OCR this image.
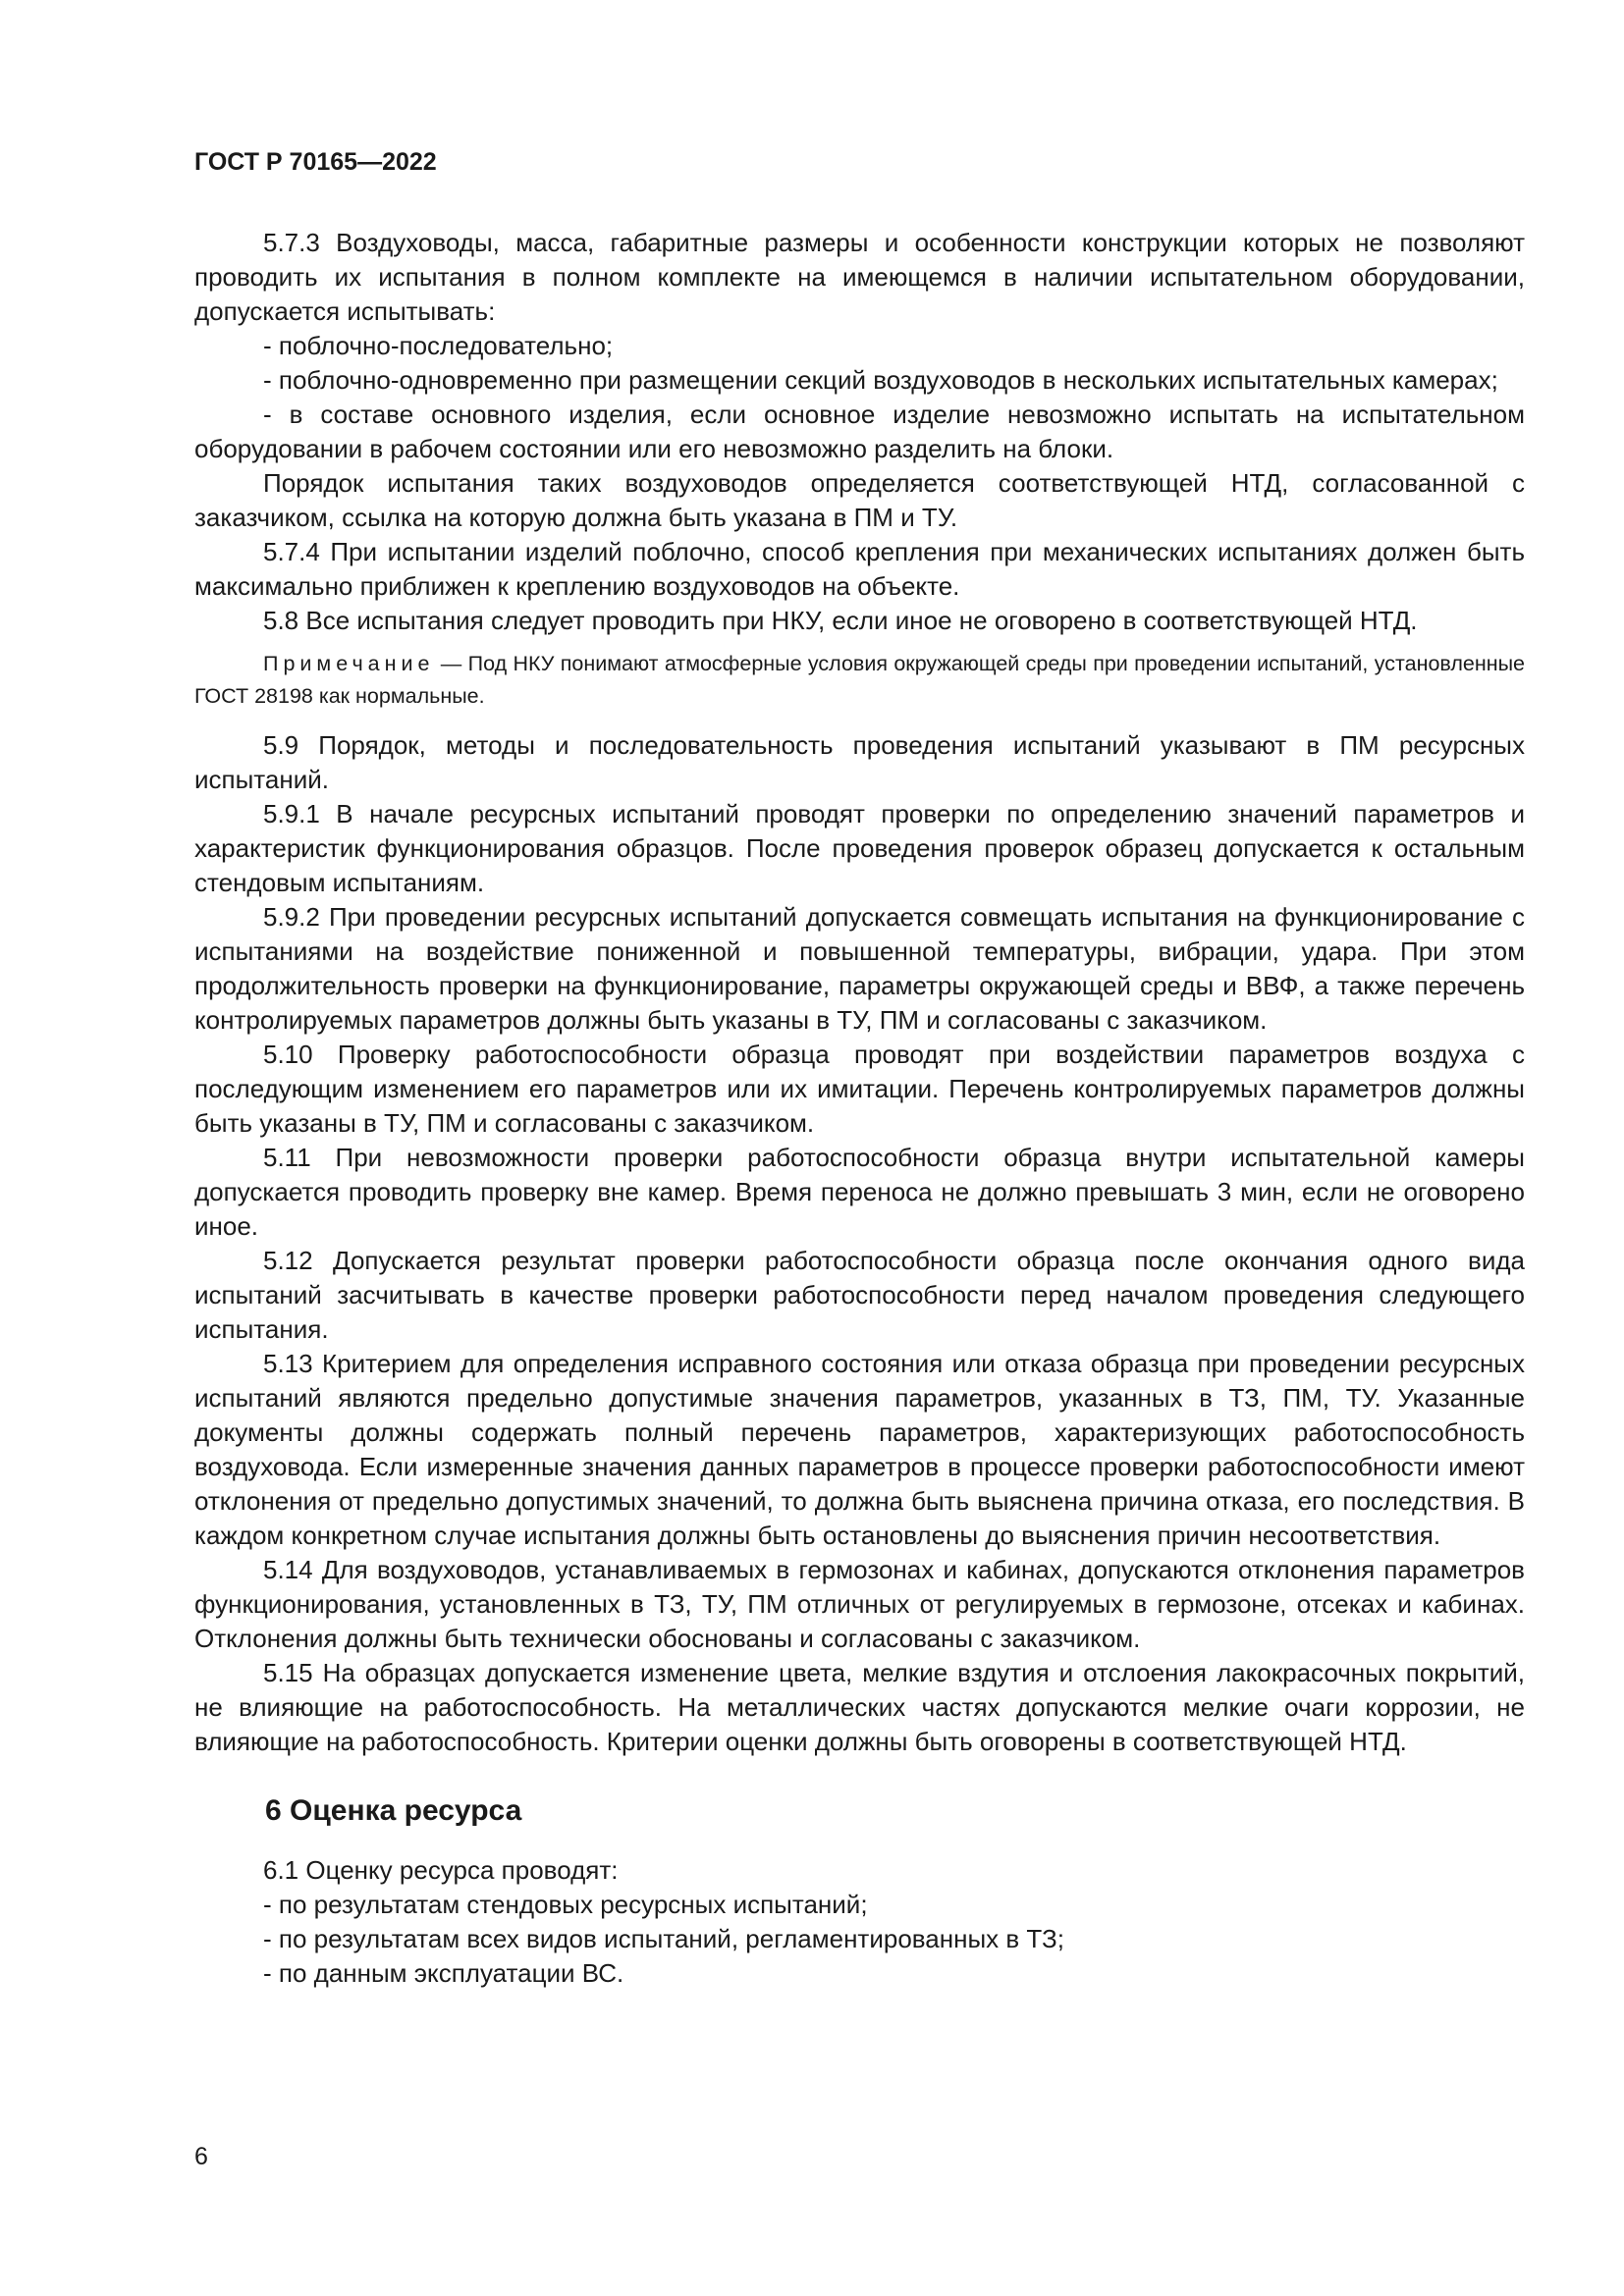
ГОСТ Р 70165—2022

5.7.3 Воздуховоды, масса, габаритные размеры и особенности конструкции которых не позволяют проводить их испытания в полном комплекте на имеющемся в наличии испытательном оборудовании, допускается испытывать:

- поблочно-последовательно;

- поблочно-одновременно при размещении секций воздуховодов в нескольких испытательных камерах;

- в составе основного изделия, если основное изделие невозможно испытать на испытательном оборудовании в рабочем состоянии или его невозможно разделить на блоки.

Порядок испытания таких воздуховодов определяется соответствующей НТД, согласованной с заказчиком, ссылка на которую должна быть указана в ПМ и ТУ.

5.7.4 При испытании изделий поблочно, способ крепления при механических испытаниях должен быть максимально приближен к креплению воздуховодов на объекте.

5.8 Все испытания следует проводить при НКУ, если иное не оговорено в соответствующей НТД.

Примечание — Под НКУ понимают атмосферные условия окружающей среды при проведении испытаний, установленные ГОСТ 28198 как нормальные.

5.9 Порядок, методы и последовательность проведения испытаний указывают в ПМ ресурсных испытаний.

5.9.1 В начале ресурсных испытаний проводят проверки по определению значений параметров и характеристик функционирования образцов. После проведения проверок образец допускается к остальным стендовым испытаниям.

5.9.2 При проведении ресурсных испытаний допускается совмещать испытания на функционирование с испытаниями на воздействие пониженной и повышенной температуры, вибрации, удара. При этом продолжительность проверки на функционирование, параметры окружающей среды и ВВФ, а также перечень контролируемых параметров должны быть указаны в ТУ, ПМ и согласованы с заказчиком.

5.10 Проверку работоспособности образца проводят при воздействии параметров воздуха с последующим изменением его параметров или их имитации. Перечень контролируемых параметров должны быть указаны в ТУ, ПМ и согласованы с заказчиком.

5.11 При невозможности проверки работоспособности образца внутри испытательной камеры допускается проводить проверку вне камер. Время переноса не должно превышать 3 мин, если не оговорено иное.

5.12 Допускается результат проверки работоспособности образца после окончания одного вида испытаний засчитывать в качестве проверки работоспособности перед началом проведения следующего испытания.

5.13 Критерием для определения исправного состояния или отказа образца при проведении ресурсных испытаний являются предельно допустимые значения параметров, указанных в ТЗ, ПМ, ТУ. Указанные документы должны содержать полный перечень параметров, характеризующих работоспособность воздуховода. Если измеренные значения данных параметров в процессе проверки работоспособности имеют отклонения от предельно допустимых значений, то должна быть выяснена причина отказа, его последствия. В каждом конкретном случае испытания должны быть остановлены до выяснения причин несоответствия.

5.14 Для воздуховодов, устанавливаемых в гермозонах и кабинах, допускаются отклонения параметров функционирования, установленных в ТЗ, ТУ, ПМ отличных от регулируемых в гермозоне, отсеках и кабинах. Отклонения должны быть технически обоснованы и согласованы с заказчиком.

5.15 На образцах допускается изменение цвета, мелкие вздутия и отслоения лакокрасочных покрытий, не влияющие на работоспособность. На металлических частях допускаются мелкие очаги коррозии, не влияющие на работоспособность. Критерии оценки должны быть оговорены в соответствующей НТД.

6 Оценка ресурса

6.1 Оценку ресурса проводят:

- по результатам стендовых ресурсных испытаний;

- по результатам всех видов испытаний, регламентированных в ТЗ;

- по данным эксплуатации ВС.

6
